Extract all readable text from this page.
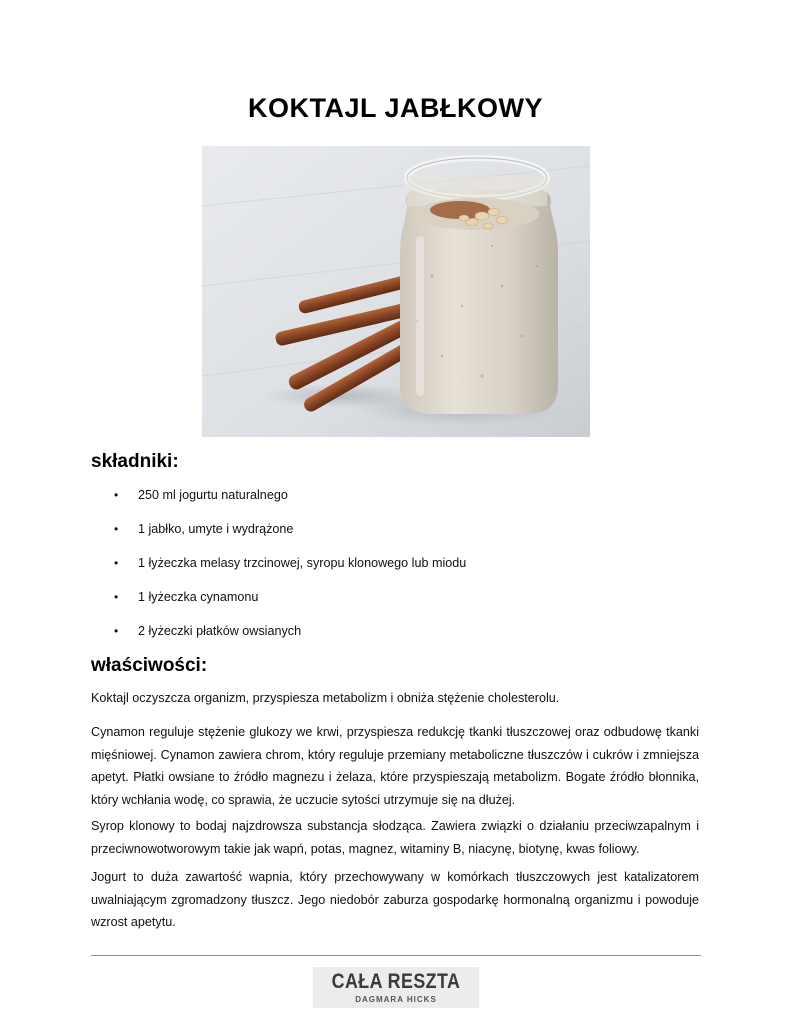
KOKTAJL JABŁKOWY
składniki:
• 250 ml jogurtu naturalnego
• 1 jabłko, umyte i wydrążone
• 1 łyżeczka melasy trzcinowej, syropu klonowego lub miodu
• 1 łyżeczka cynamonu
• 2 łyżeczki płatków owsianych
właściwości:

Koktajl oczyszcza organizm, przyspiesza metabolizm i obniża stężenie cholesterolu.

Cynamon reguluje stężenie glukozy we krwi, przyspiesza redukcję tkanki tłuszczowej oraz odbudowę tkanki mięśniowej. Cynamon zawiera chrom, który reguluje przemiany metaboliczne tłuszczów i cukrów i zmniejsza apetyt. Płatki owsiane to źródło magnezu i żelaza, które przyspieszają metabolizm. Bogate źródło błonnika, który wchłania wodę, co sprawia, że uczucie sytości utrzymuje się na dłużej.

Syrop klonowy to bodaj najzdrowsza substancja słodząca. Zawiera związki o działaniu przeciwzapalnym i przeciwnowotworowym takie jak wapń, potas, magnez, witaminy B, niacynę, biotynę, kwas foliowy.

Jogurt to duża zawartość wapnia, który przechowywany w komórkach tłuszczowych jest katalizatorem uwalniającym zgromadzony tłuszcz. Jego niedobór zaburza gospodarkę hormonalną organizmu i powoduje wzrost apetytu.

CAŁA RESZTA
DAGMARA HICKS
